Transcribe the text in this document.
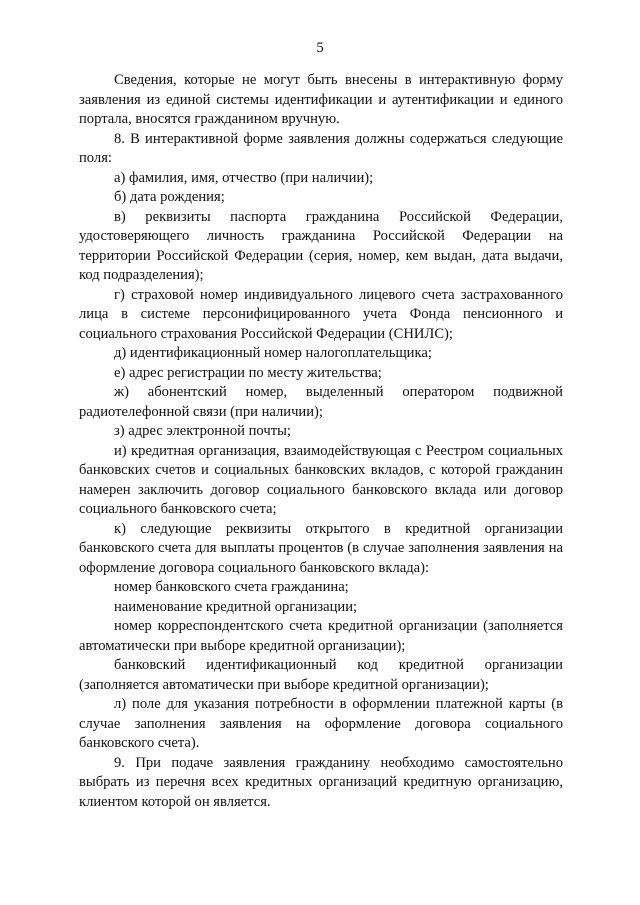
5

Сведения, которые не могут быть внесены в интерактивную форму заявления из единой системы идентификации и аутентификации и единого портала, вносятся гражданином вручную.

8. В интерактивной форме заявления должны содержаться следующие поля:

а) фамилия, имя, отчество (при наличии);

б) дата рождения;

в) реквизиты паспорта гражданина Российской Федерации, удостоверяющего личность гражданина Российской Федерации на территории Российской Федерации (серия, номер, кем выдан, дата выдачи, код подразделения);

г) страховой номер индивидуального лицевого счета застрахованного лица в системе персонифицированного учета Фонда пенсионного и социального страхования Российской Федерации (СНИЛС);

д) идентификационный номер налогоплательщика;

е) адрес регистрации по месту жительства;

ж) абонентский номер, выделенный оператором подвижной радиотелефонной связи (при наличии);

з) адрес электронной почты;

и) кредитная организация, взаимодействующая с Реестром социальных банковских счетов и социальных банковских вкладов, с которой гражданин намерен заключить договор социального банковского вклада или договор социального банковского счета;

к) следующие реквизиты открытого в кредитной организации банковского счета для выплаты процентов (в случае заполнения заявления на оформление договора социального банковского вклада):

номер банковского счета гражданина;

наименование кредитной организации;

номер корреспондентского счета кредитной организации (заполняется автоматически при выборе кредитной организации);

банковский идентификационный код кредитной организации (заполняется автоматически при выборе кредитной организации);

л) поле для указания потребности в оформлении платежной карты (в случае заполнения заявления на оформление договора социального банковского счета).

9. При подаче заявления гражданину необходимо самостоятельно выбрать из перечня всех кредитных организаций кредитную организацию, клиентом которой он является.
